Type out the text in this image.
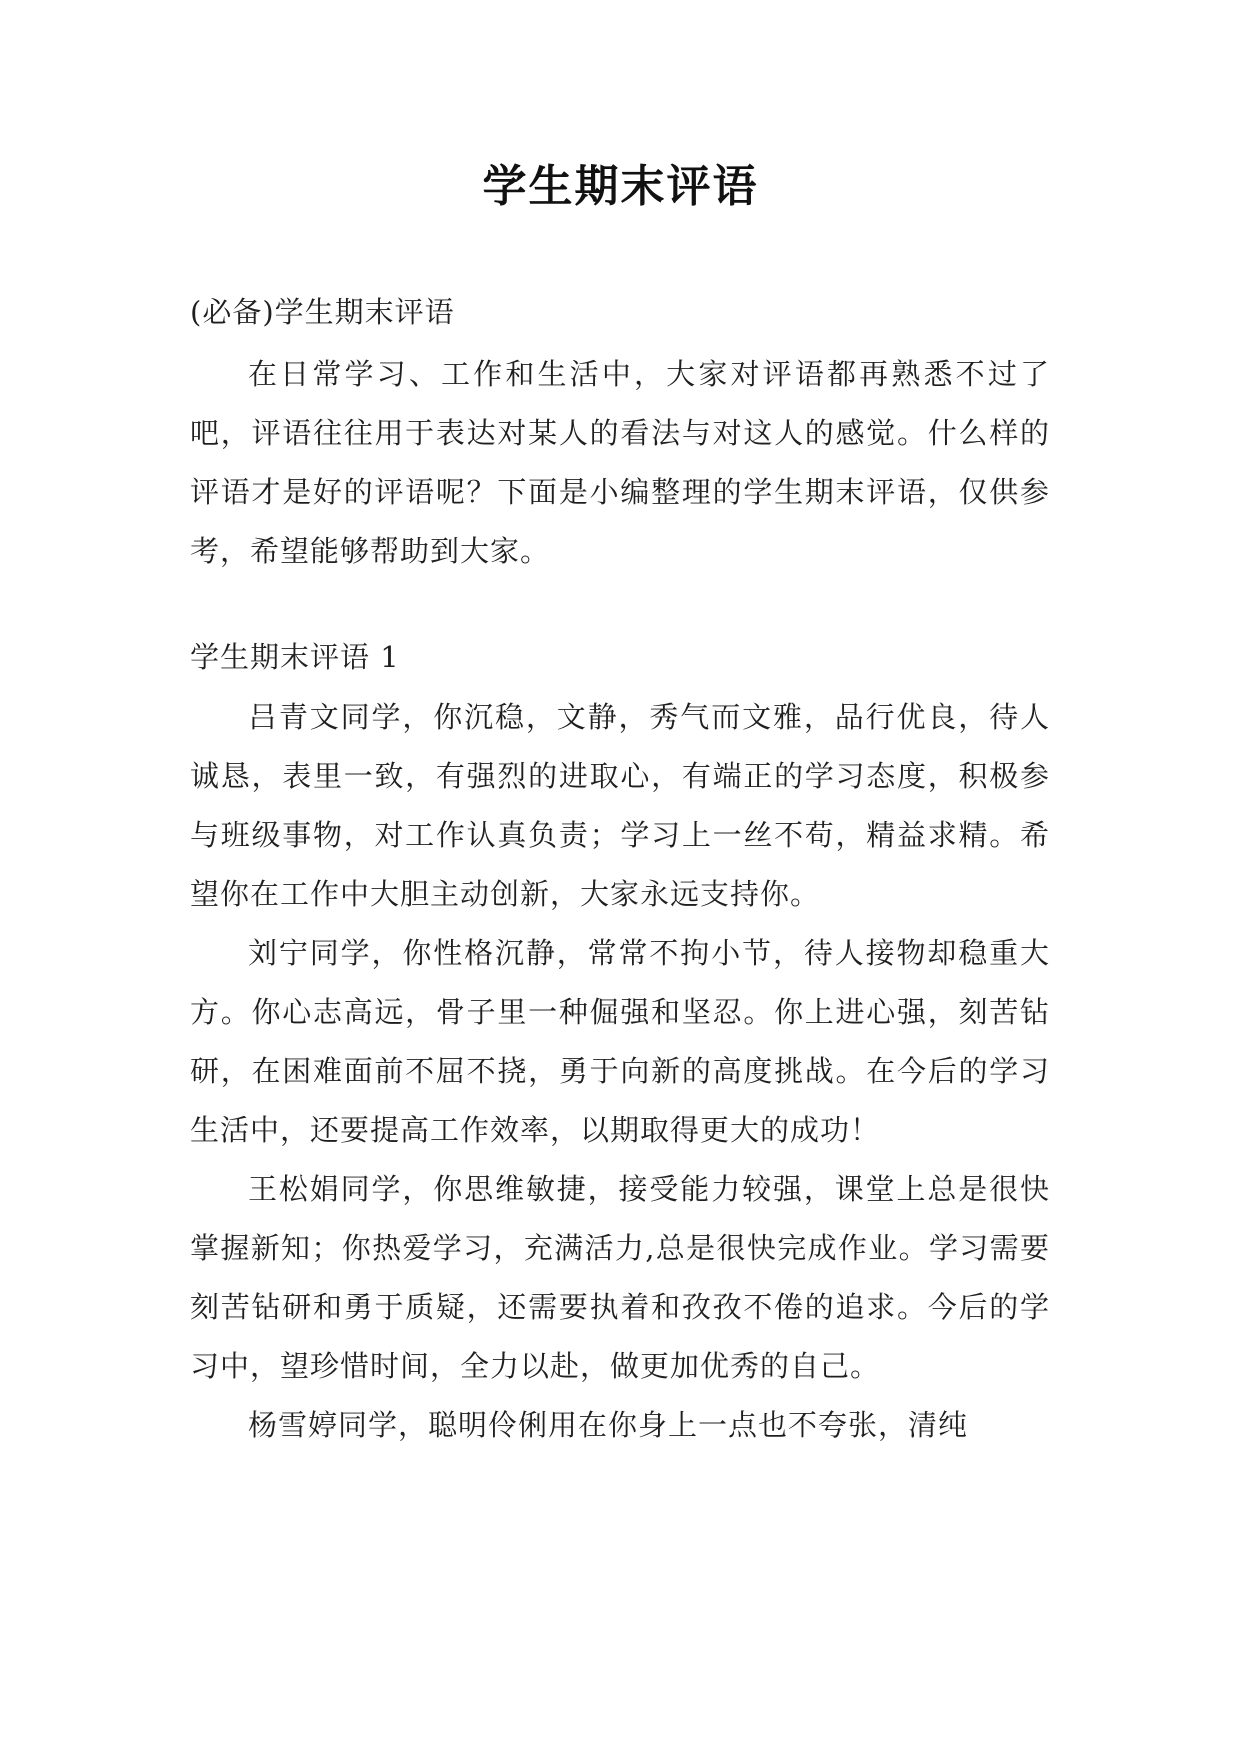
学生期末评语

(必备)学生期末评语

在日常学习、工作和生活中，大家对评语都再熟悉不过了吧，评语往往用于表达对某人的看法与对这人的感觉。什么样的评语才是好的评语呢？下面是小编整理的学生期末评语，仅供参考，希望能够帮助到大家。

学生期末评语 1

吕青文同学，你沉稳，文静，秀气而文雅，品行优良，待人诚恳，表里一致，有强烈的进取心，有端正的学习态度，积极参与班级事物，对工作认真负责；学习上一丝不苟，精益求精。希望你在工作中大胆主动创新，大家永远支持你。

刘宁同学，你性格沉静，常常不拘小节，待人接物却稳重大方。你心志高远，骨子里一种倔强和坚忍。你上进心强，刻苦钻研，在困难面前不屈不挠，勇于向新的高度挑战。在今后的学习生活中，还要提高工作效率，以期取得更大的成功！

王松娟同学，你思维敏捷，接受能力较强，课堂上总是很快掌握新知；你热爱学习，充满活力,总是很快完成作业。学习需要刻苦钻研和勇于质疑，还需要执着和孜孜不倦的追求。今后的学习中，望珍惜时间，全力以赴，做更加优秀的自己。

杨雪婷同学，聪明伶俐用在你身上一点也不夸张，清纯
